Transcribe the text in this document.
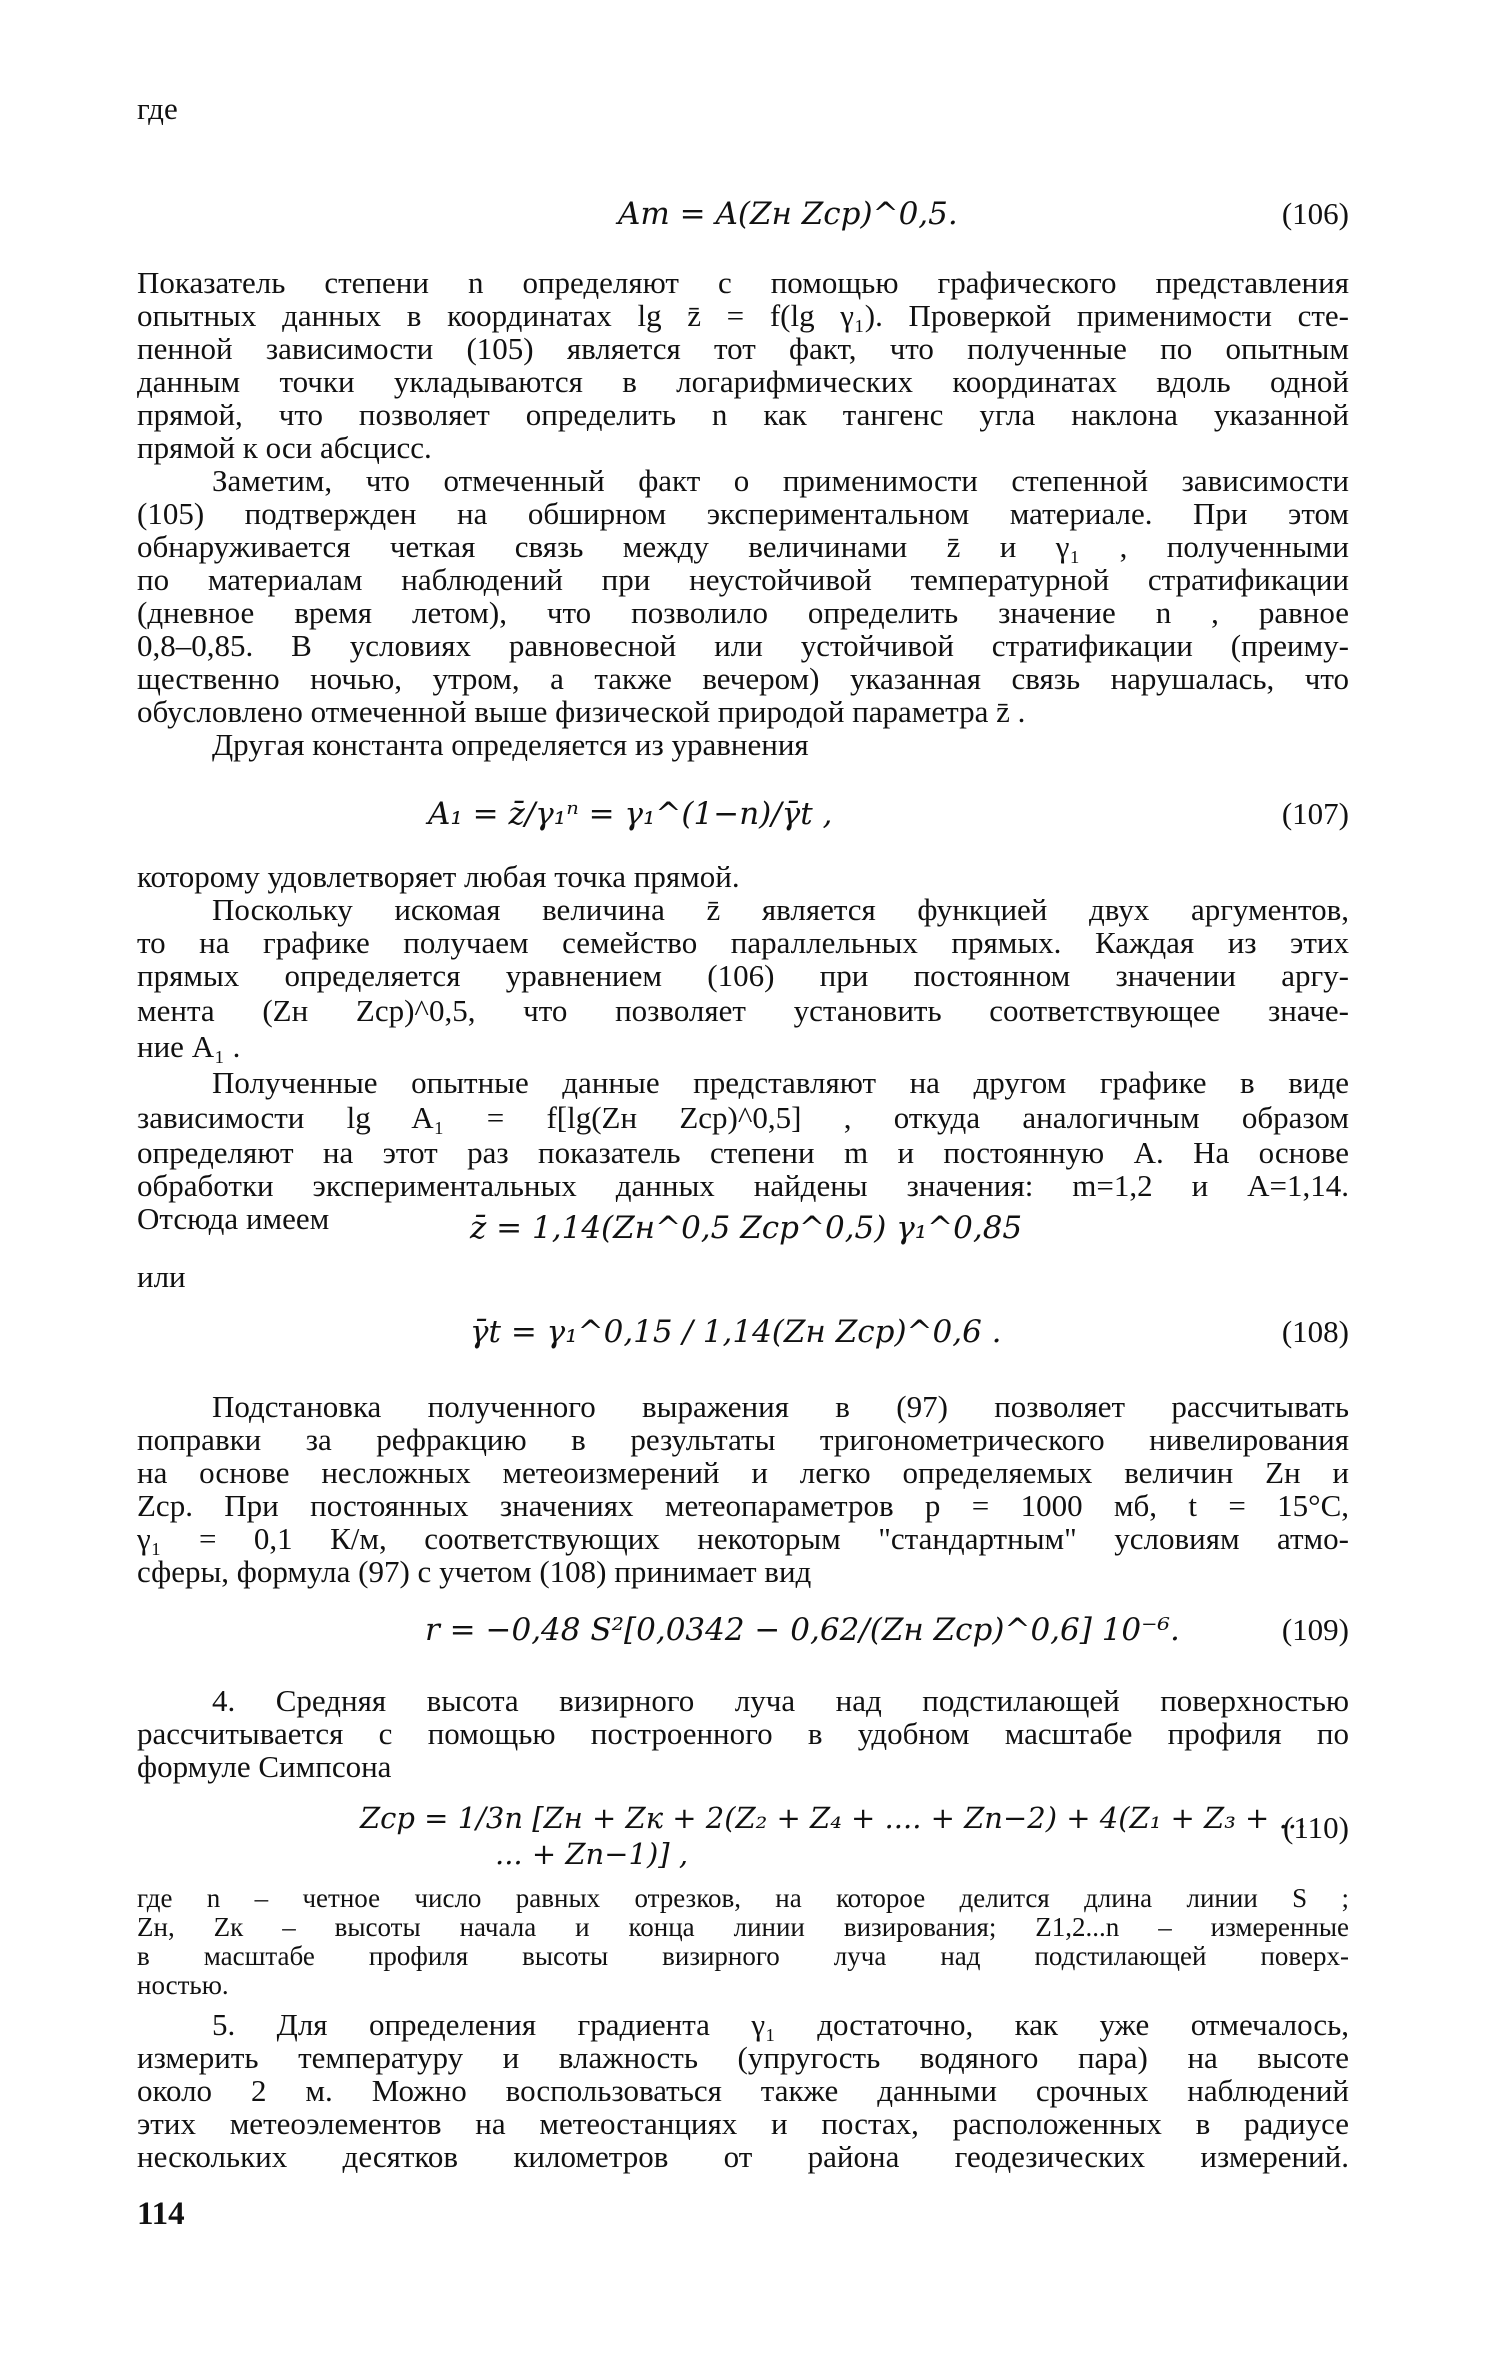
где
Aт = A(Zн Zср)^0,5.	(106)
Показатель степени n определяют с помощью графического представления
опытных данных в координатах lg z̄ = f(lg γ₁). Проверкой применимости сте-
пенной зависимости (105) является тот факт, что полученные по опытным
данным точки укладываются в логарифмических координатах вдоль одной
прямой, что позволяет определить n как тангенс угла наклона указанной
прямой к оси абсцисс.
Заметим, что отмеченный факт о применимости степенной зависимости
(105) подтвержден на обширном экспериментальном материале. При этом
обнаруживается четкая связь между величинами z̄ и γ₁ , полученными
по материалам наблюдений при неустойчивой температурной стратификации
(дневное время летом), что позволило определить значение n , равное
0,8–0,85. В условиях равновесной или устойчивой стратификации (преиму-
щественно ночью, утром, а также вечером) указанная связь нарушалась, что
обусловлено отмеченной выше физической природой параметра z̄ .
Другая константа определяется из уравнения
A₁ = z̄/γ₁ⁿ = γ₁^(1−n)/γ̄t ,	(107)
которому удовлетворяет любая точка прямой.
Поскольку искомая величина z̄ является функцией двух аргументов,
то на графике получаем семейство параллельных прямых. Каждая из этих
прямых определяется уравнением (106) при постоянном значении аргу-
мента (Zн Zср)^0,5, что позволяет установить соответствующее значе-
ние A₁ .
Полученные опытные данные представляют на другом графике в виде
зависимости lg A₁ = f[lg(Zн Zср)^0,5] , откуда аналогичным образом
определяют на этот раз показатель степени m и постоянную A. На основе
обработки экспериментальных данных найдены значения: m=1,2 и A=1,14.
Отсюда имеем	z̄ = 1,14(Zн^0,5 Zср^0,5) γ₁^0,85
или
γ̄t = γ₁^0,15 / 1,14(Zн Zср)^0,6 .	(108)
Подстановка полученного выражения в (97) позволяет рассчитывать
поправки за рефракцию в результаты тригонометрического нивелирования
на основе несложных метеоизмерений и легко определяемых величин Zн и
Zср. При постоянных значениях метеопараметров p = 1000 мб, t = 15°C,
γ₁ = 0,1 К/м, соответствующих некоторым "стандартным" условиям атмо-
сферы, формула (97) с учетом (108) принимает вид
r = −0,48 S²[0,0342 − 0,62/(Zн Zср)^0,6] 10⁻⁶.	(109)
4. Средняя высота визирного луча над подстилающей поверхностью
рассчитывается с помощью построенного в удобном масштабе профиля по
формуле Симпсона
Zср = 1/3n [Zн + Zк + 2(Z₂ + Z₄ + .... + Zn−2) + 4(Z₁ + Z₃ + ...
... + Zn−1)] ,
(110)
где n – четное число равных отрезков, на которое делится длина линии S ;
Zн, Zк – высоты начала и конца линии визирования; Z1,2...n – измеренные
в масштабе профиля высоты визирного луча над подстилающей поверх-
ностью.
5. Для определения градиента γ₁ достаточно, как уже отмечалось,
измерить температуру и влажность (упругость водяного пара) на высоте
около 2 м. Можно воспользоваться также данными срочных наблюдений
этих метеоэлементов на метеостанциях и постах, расположенных в радиусе
нескольких десятков километров от района геодезических измерений.
114
